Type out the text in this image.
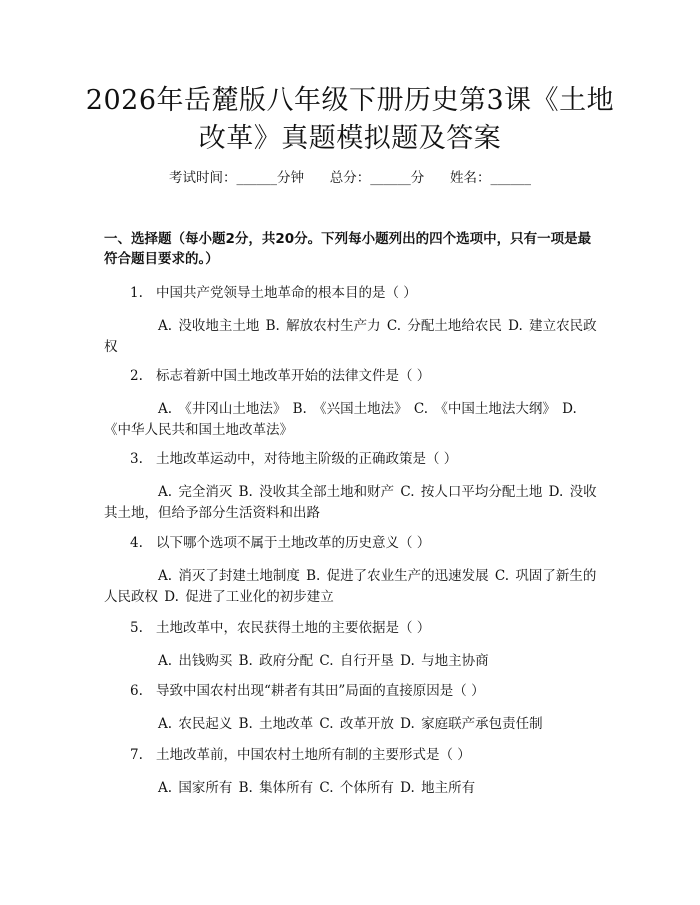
2026年岳麓版八年级下册历史第3课《土地
改革》真题模拟题及答案
考试时间：______分钟      总分：______分      姓名：______
一、选择题（每小题2分，共20分。下列每小题列出的四个选项中，只有一项是最符合题目要求的。）
1. 中国共产党领导土地革命的根本目的是（ ）
A. 没收地主土地 B. 解放农村生产力 C. 分配土地给农民 D. 建立农民政权
2. 标志着新中国土地改革开始的法律文件是（ ）
A. 《井冈山土地法》 B. 《兴国土地法》 C. 《中国土地法大纲》 D. 《中华人民共和国土地改革法》
3. 土地改革运动中，对待地主阶级的正确政策是（ ）
A. 完全消灭 B. 没收其全部土地和财产 C. 按人口平均分配土地 D. 没收其土地，但给予部分生活资料和出路
4. 以下哪个选项不属于土地改革的历史意义（ ）
A. 消灭了封建土地制度 B. 促进了农业生产的迅速发展 C. 巩固了新生的人民政权 D. 促进了工业化的初步建立
5. 土地改革中，农民获得土地的主要依据是（ ）
A. 出钱购买 B. 政府分配 C. 自行开垦 D. 与地主协商
6. 导致中国农村出现“耕者有其田”局面的直接原因是（ ）
A. 农民起义 B. 土地改革 C. 改革开放 D. 家庭联产承包责任制
7. 土地改革前，中国农村土地所有制的主要形式是（ ）
A. 国家所有 B. 集体所有 C. 个体所有 D. 地主所有
